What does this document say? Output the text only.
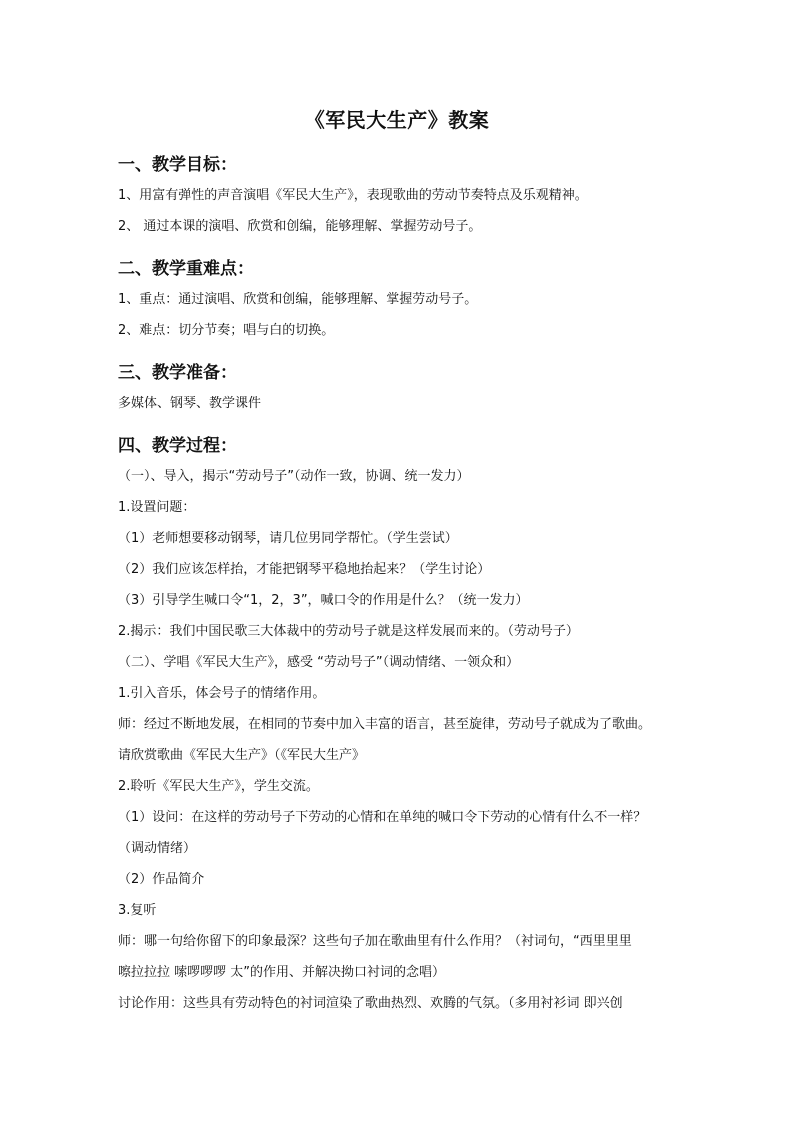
《军民大生产》教案
一、教学目标：
1、用富有弹性的声音演唱《军民大生产》，表现歌曲的劳动节奏特点及乐观精神。
2、 通过本课的演唱、欣赏和创编，能够理解、掌握劳动号子。
二、教学重难点：
1、重点：通过演唱、欣赏和创编，能够理解、掌握劳动号子。
2、难点：切分节奏；唱与白的切换。
三、教学准备：
多媒体、钢琴、教学课件
四、教学过程：
（一）、导入，揭示“劳动号子”（动作一致，协调、统一发力）
1.设置问题：
（1）老师想要移动钢琴，请几位男同学帮忙。（学生尝试）
（2）我们应该怎样抬，才能把钢琴平稳地抬起来？（学生讨论）
（3）引导学生喊口令“1，2，3”，喊口令的作用是什么？（统一发力）
2.揭示：我们中国民歌三大体裁中的劳动号子就是这样发展而来的。（劳动号子）
（二）、学唱《军民大生产》，感受 “劳动号子”（调动情绪、一领众和）
1.引入音乐，体会号子的情绪作用。
师：经过不断地发展，在相同的节奏中加入丰富的语言，甚至旋律，劳动号子就成为了歌曲。
请欣赏歌曲《军民大生产》（《军民大生产》
2.聆听《军民大生产》，学生交流。
（1）设问：在这样的劳动号子下劳动的心情和在单纯的喊口令下劳动的心情有什么不一样？
（调动情绪）
（2）作品简介
3.复听
师：哪一句给你留下的印象最深？这些句子加在歌曲里有什么作用？（衬词句，“西里里里
嚓拉拉拉 嗦啰啰啰 太”的作用、并解决拗口衬词的念唱）
讨论作用：这些具有劳动特色的衬词渲染了歌曲热烈、欢腾的气氛。（多用衬衫词 即兴创
